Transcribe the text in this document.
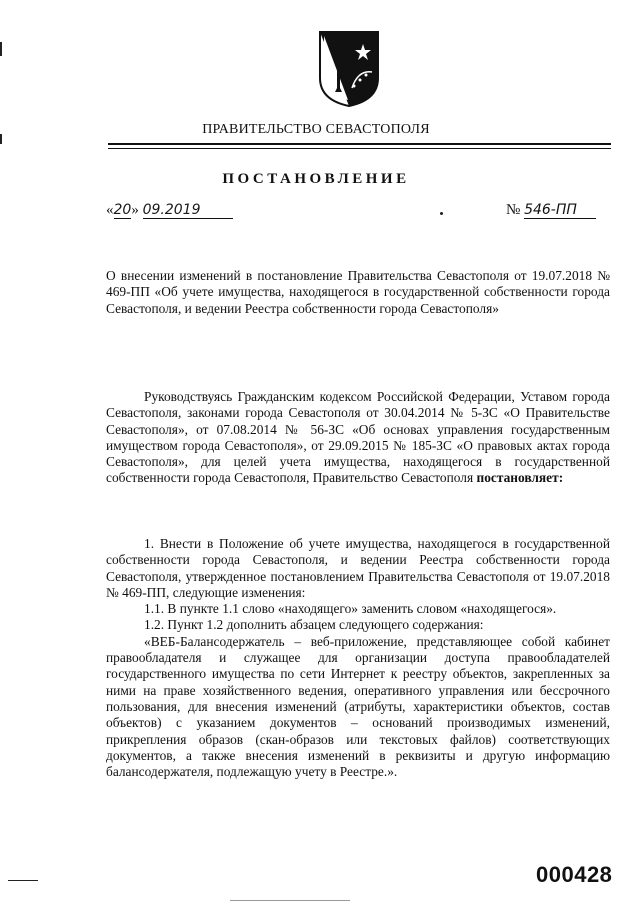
ПРАВИТЕЛЬСТВО СЕВАСТОПОЛЯ
ПОСТАНОВЛЕНИЕ
«20» 09.2019	№ 546-ПП

О внесении изменений в постановление Правительства Севастополя от 19.07.2018 № 469-ПП «Об учете имущества, находящегося в государственной собственности города Севастополя, и ведении Реестра собственности города Севастополя»

Руководствуясь Гражданским кодексом Российской Федерации, Уставом города Севастополя, законами города Севастополя от 30.04.2014 № 5-ЗС «О Правительстве Севастополя», от 07.08.2014 № 56-ЗС «Об основах управления государственным имуществом города Севастополя», от 29.09.2015 № 185-ЗС «О правовых актах города Севастополя», для целей учета имущества, находящегося в государственной собственности города Севастополя, Правительство Севастополя постановляет:

1. Внести в Положение об учете имущества, находящегося в государственной собственности города Севастополя, и ведении Реестра собственности города Севастополя, утвержденное постановлением Правительства Севастополя от 19.07.2018 № 469-ПП, следующие изменения:

1.1. В пункте 1.1 слово «находящего» заменить словом «находящегося».

1.2. Пункт 1.2 дополнить абзацем следующего содержания:

«ВЕБ-Балансодержатель – веб-приложение, представляющее собой кабинет правообладателя и служащее для организации доступа правообладателей государственного имущества по сети Интернет к реестру объектов, закрепленных за ними на праве хозяйственного ведения, оперативного управления или бессрочного пользования, для внесения изменений (атрибуты, характеристики объектов, состав объектов) с указанием документов – оснований производимых изменений, прикрепления образов (скан-образов или текстовых файлов) соответствующих документов, а также внесения изменений в реквизиты и другую информацию балансодержателя, подлежащую учету в Реестре.».

000428
